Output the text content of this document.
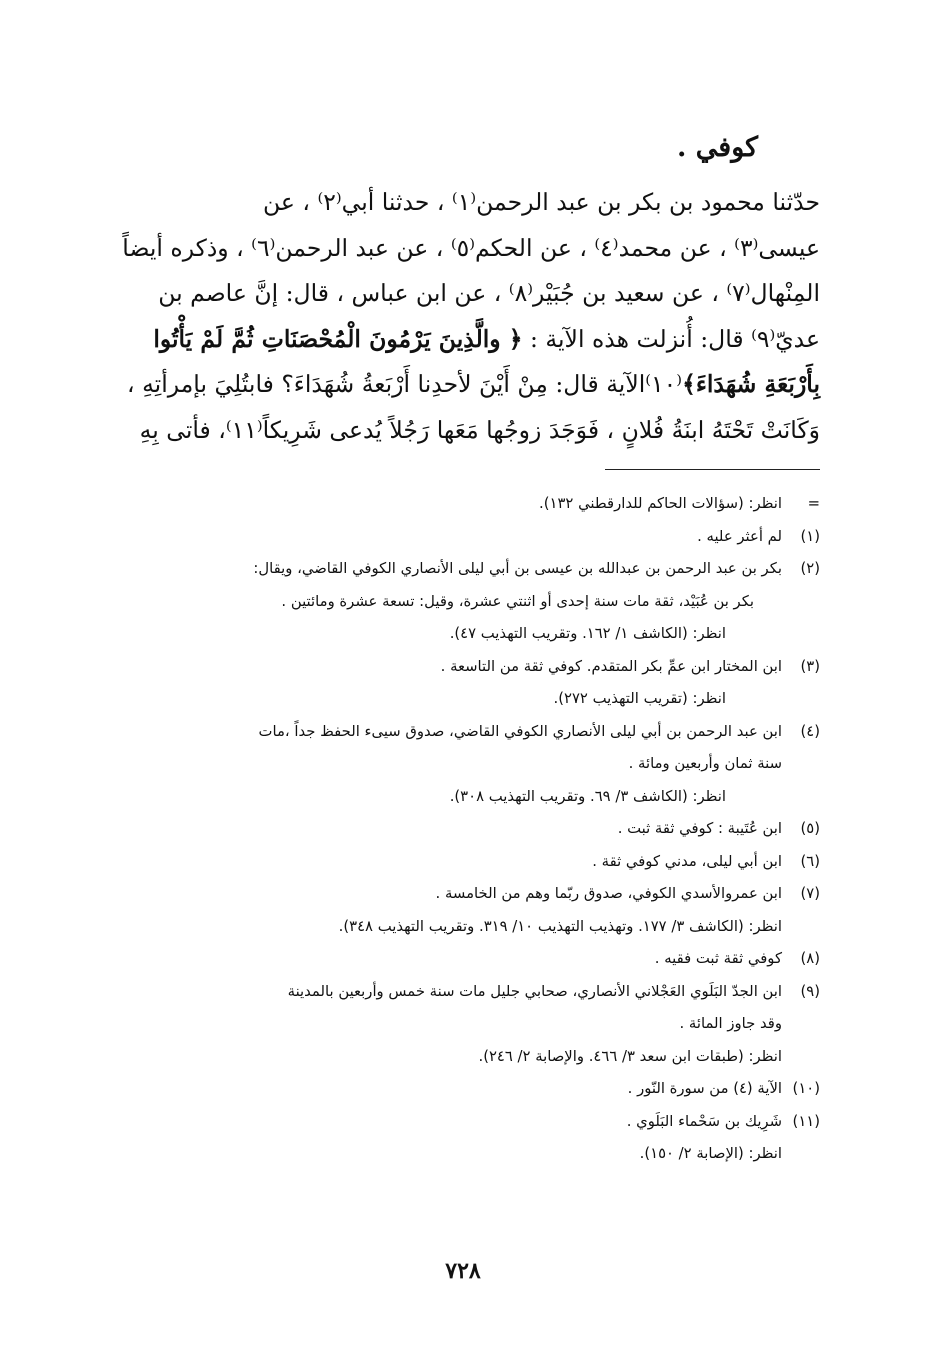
كوفي .
حدّثنا محمود بن بكر بن عبد الرحمن⁽١⁾ ، حدثنا أبي⁽٢⁾ ، عن
عيسى⁽٣⁾ ، عن محمد⁽٤⁾ ، عن الحكم⁽٥⁾ ، عن عبد الرحمن⁽٦⁾ ، وذكره أيضاً
المِنْهال⁽٧⁾ ، عن سعيد بن جُبَيْر⁽٨⁾ ، عن ابن عباس ، قال: إنَّ عاصم بن
عديّ⁽٩⁾ قال: أُنزلت هذه الآية : ﴿ والَّذِينَ يَرْمُونَ الْمُحْصَنَاتِ ثُمَّ لَمْ يَأْتُوا
بِأَرْبَعَةِ شُهَدَاءَ﴾⁽١٠⁾الآية قال: مِنْ أَيْنَ لأحدِنا أَرْبَعةُ شُهَدَاءَ؟ فابتُلِيَ بإمرأتِهِ ،
وَكَانَتْ تَحْتَهُ ابنَةُ فُلانٍ ، فَوَجَدَ زوجُها مَعَها رَجُلاً يُدعى شَرِيكاً⁽١١⁾، فأتى بِهِ
=
انظر: (سؤالات الحاكم للدارقطني ١٣٢).
(١)
لم أعثر عليه .
(٢)
بكر بن عبد الرحمن بن عبدالله بن عيسى بن أبي ليلى الأنصاري الكوفي القاضي، ويقال:
بكر بن عُبَيْد، ثقة مات سنة إحدى أو اثنتي عشرة، وقيل: تسعة عشرة ومائتين .
انظر: (الكاشف ١/ ١٦٢. وتقريب التهذيب ٤٧).
(٣)
ابن المختار ابن عمِّ بكر المتقدم. كوفي ثقة من التاسعة .
انظر: (تقريب التهذيب ٢٧٢).
(٤)
ابن عبد الرحمن بن أبي ليلى الأنصاري الكوفي القاضي، صدوق سيىء الحفظ جداً ،مات
سنة ثمان وأربعين ومائة .
انظر: (الكاشف ٣/ ٦٩. وتقريب التهذيب ٣٠٨).
(٥)
ابن عُتَيبة : كوفي ثقة ثبت .
(٦)
ابن أبي ليلى، مدني كوفي ثقة .
(٧)
ابن عمروالأسدي الكوفي، صدوق ربّما وهم من الخامسة .
انظر: (الكاشف ٣/ ١٧٧. وتهذيب التهذيب ١٠/ ٣١٩. وتقريب التهذيب ٣٤٨).
(٨)
كوفي ثقة ثبت فقيه .
(٩)
ابن الجدّ البَلَوي العَجْلاني الأنصاري، صحابي جليل مات سنة خمس وأربعين بالمدينة
وقد جاوز المائة .
انظر: (طبقات ابن سعد ٣/ ٤٦٦. والإصابة ٢/ ٢٤٦).
(١٠)
الآية (٤) من سورة النّور .
(١١)
شَرِيك بن سَحْماء البَلَوي .
انظر: (الإصابة ٢/ ١٥٠).
٧٢٨
